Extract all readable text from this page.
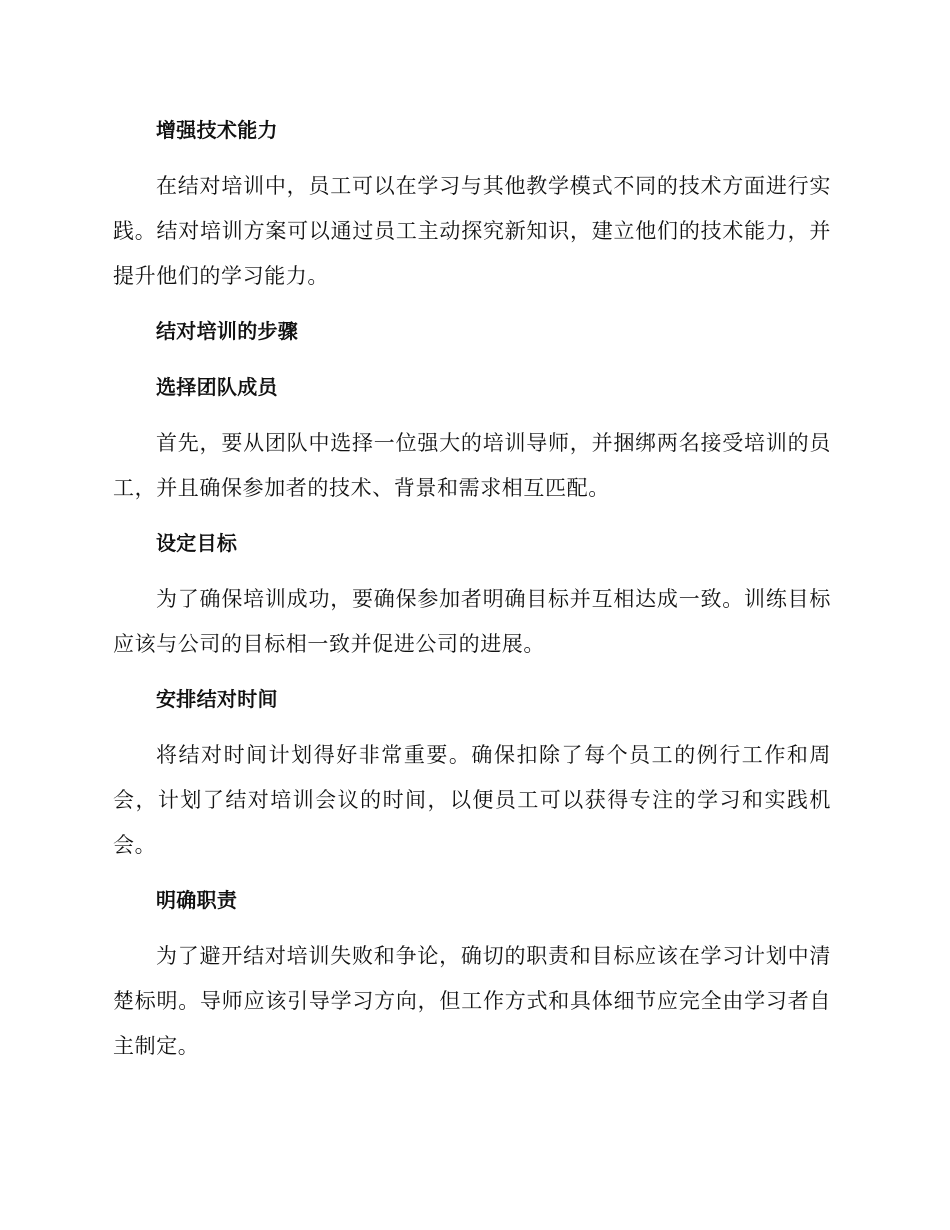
增强技术能力

在结对培训中，员工可以在学习与其他教学模式不同的技术方面进行实践。结对培训方案可以通过员工主动探究新知识，建立他们的技术能力，并提升他们的学习能力。

结对培训的步骤
选择团队成员

首先，要从团队中选择一位强大的培训导师，并捆绑两名接受培训的员工，并且确保参加者的技术、背景和需求相互匹配。

设定目标

为了确保培训成功，要确保参加者明确目标并互相达成一致。训练目标应该与公司的目标相一致并促进公司的进展。

安排结对时间

将结对时间计划得好非常重要。确保扣除了每个员工的例行工作和周会，计划了结对培训会议的时间，以便员工可以获得专注的学习和实践机会。

明确职责

为了避开结对培训失败和争论，确切的职责和目标应该在学习计划中清楚标明。导师应该引导学习方向，但工作方式和具体细节应完全由学习者自主制定。
